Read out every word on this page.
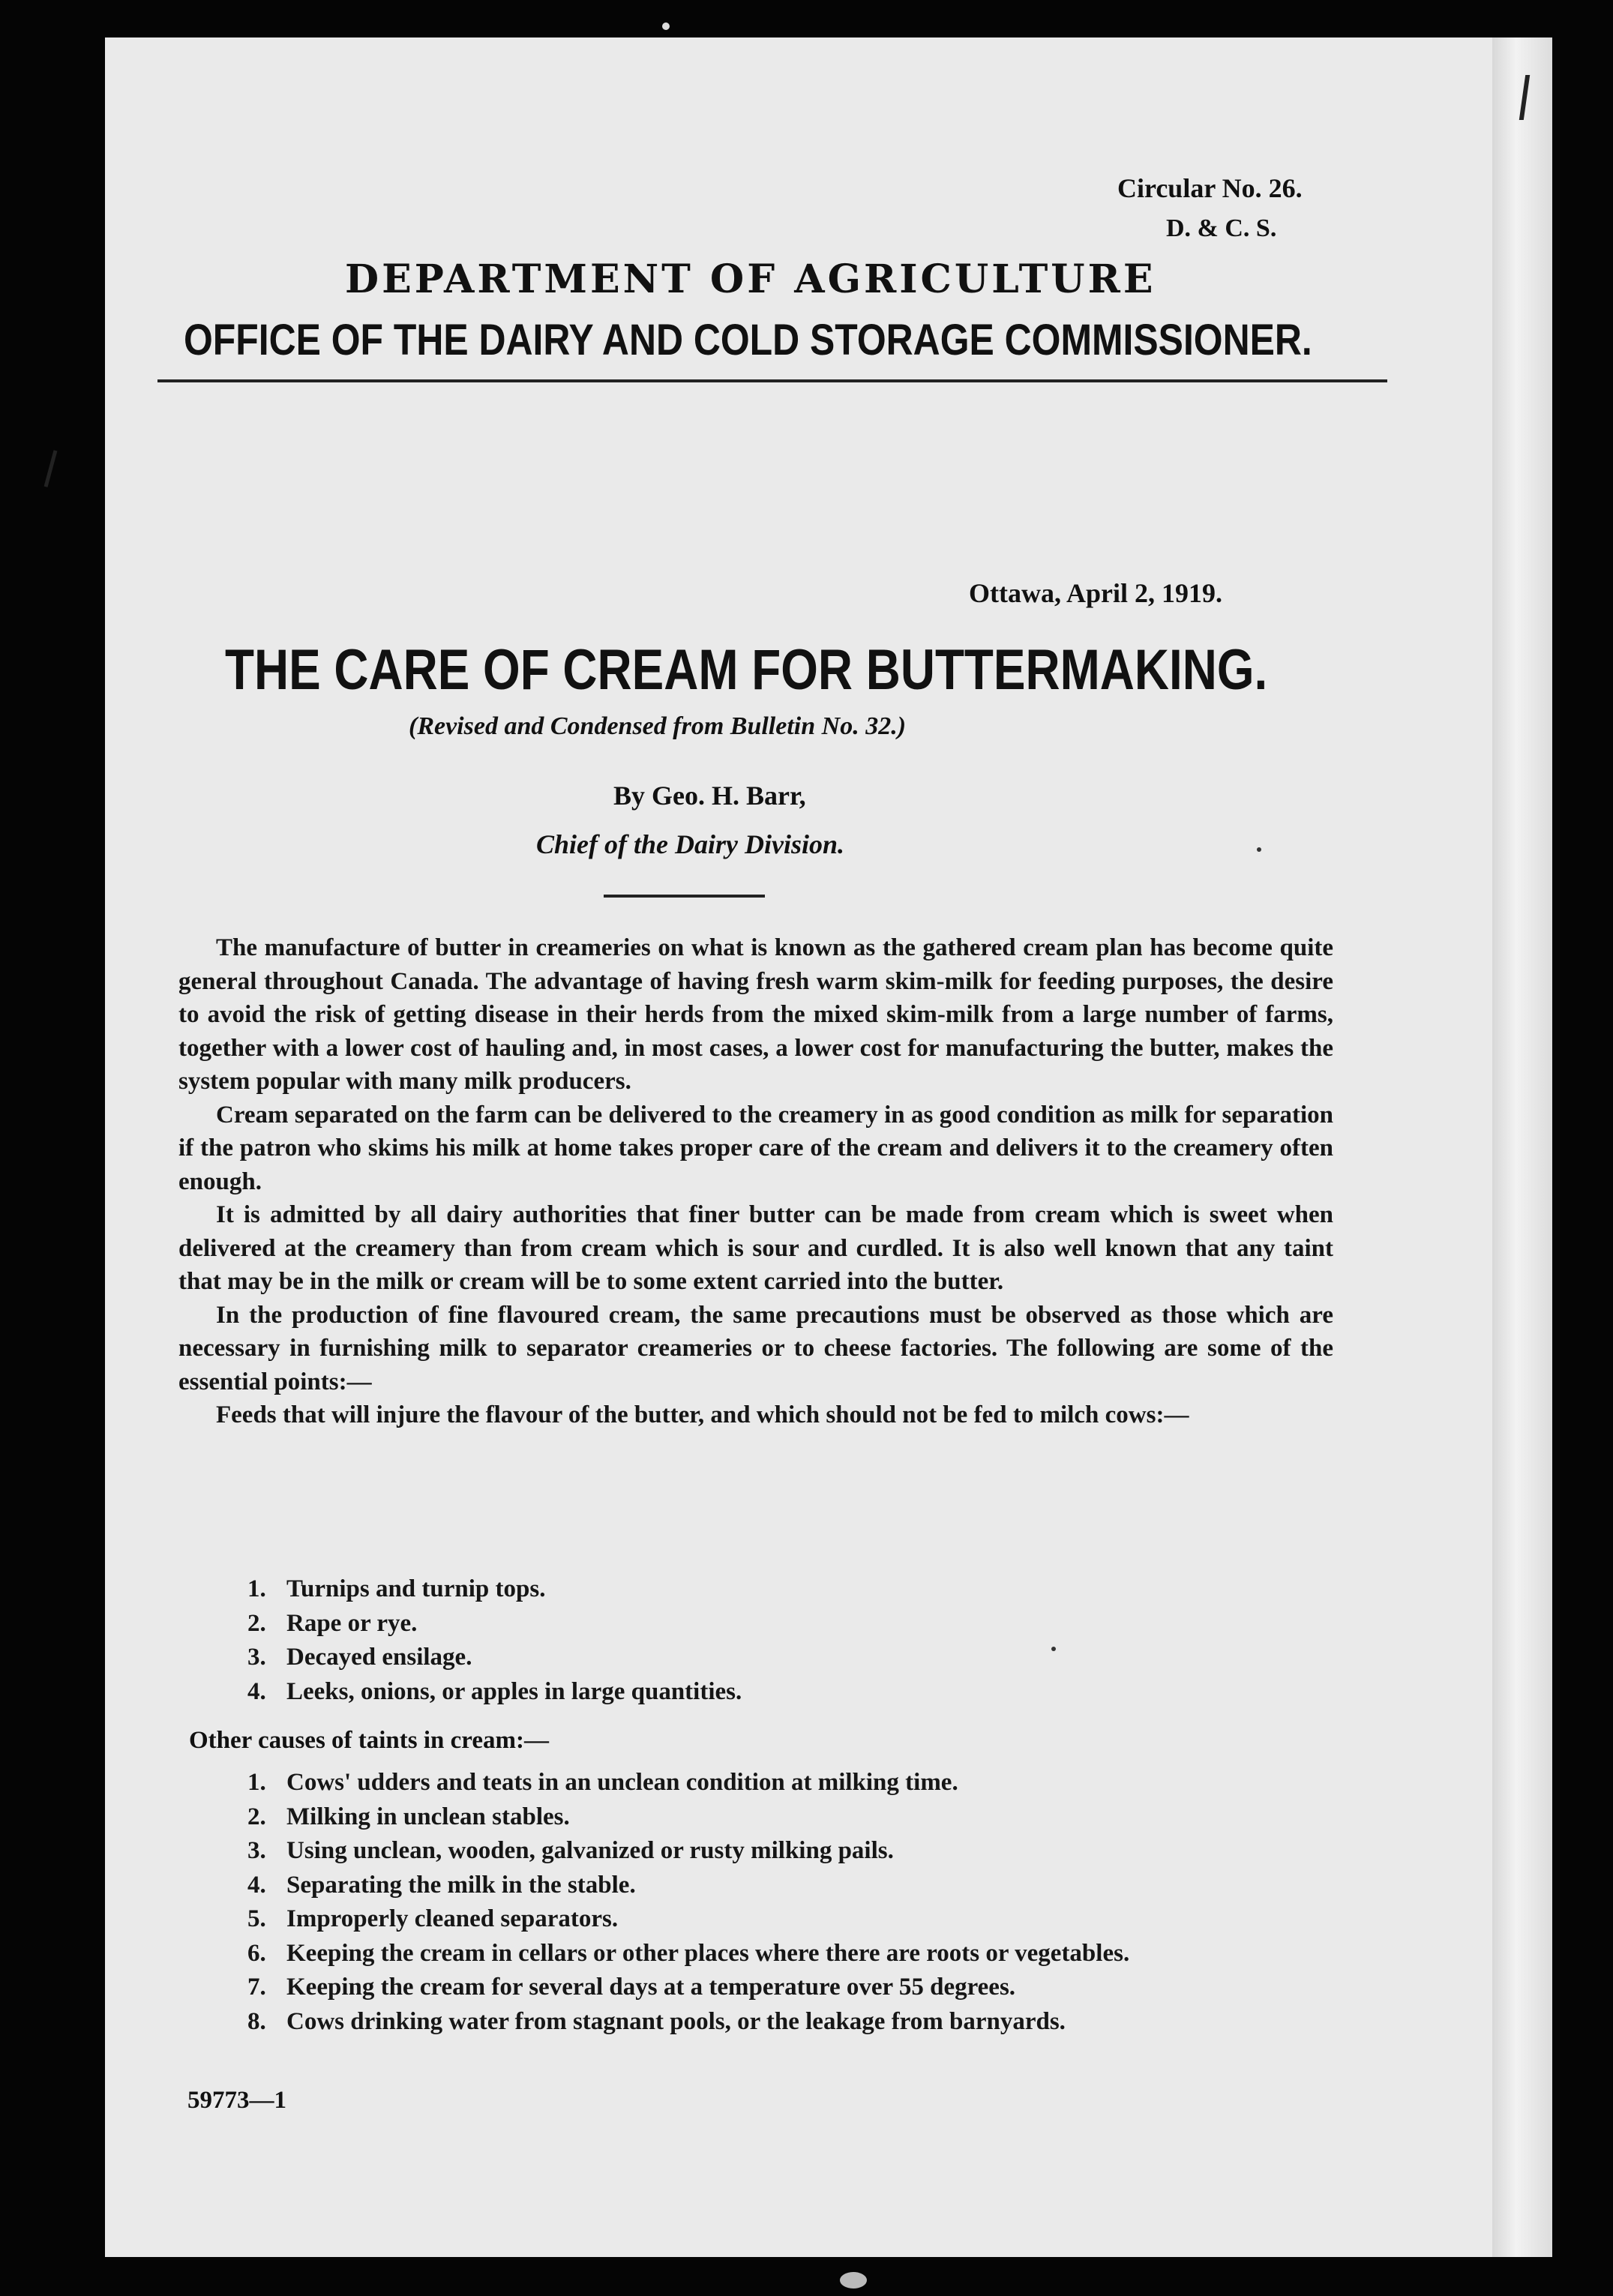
Circular No. 26.
D. & C. S.
DEPARTMENT OF AGRICULTURE
OFFICE OF THE DAIRY AND COLD STORAGE COMMISSIONER.
Ottawa, April 2, 1919.
THE CARE OF CREAM FOR BUTTERMAKING.
(Revised and Condensed from Bulletin No. 32.)
By Geo. H. Barr,
Chief of the Dairy Division.

The manufacture of butter in creameries on what is known as the gathered cream plan has become quite general throughout Canada. The advantage of having fresh warm skim-milk for feeding purposes, the desire to avoid the risk of getting disease in their herds from the mixed skim-milk from a large number of farms, together with a lower cost of hauling and, in most cases, a lower cost for manufacturing the butter, makes the system popular with many milk producers.

Cream separated on the farm can be delivered to the creamery in as good condition as milk for separation if the patron who skims his milk at home takes proper care of the cream and delivers it to the creamery often enough.

It is admitted by all dairy authorities that finer butter can be made from cream which is sweet when delivered at the creamery than from cream which is sour and curdled. It is also well known that any taint that may be in the milk or cream will be to some extent carried into the butter.

In the production of fine flavoured cream, the same precautions must be observed as those which are necessary in furnishing milk to separator creameries or to cheese factories. The following are some of the essential points:—

Feeds that will injure the flavour of the butter, and which should not be fed to milch cows:—

1. Turnips and turnip tops.
2. Rape or rye.
3. Decayed ensilage.
4. Leeks, onions, or apples in large quantities.
Other causes of taints in cream:—
1. Cows' udders and teats in an unclean condition at milking time.
2. Milking in unclean stables.
3. Using unclean, wooden, galvanized or rusty milking pails.
4. Separating the milk in the stable.
5. Improperly cleaned separators.
6. Keeping the cream in cellars or other places where there are roots or vegetables.
7. Keeping the cream for several days at a temperature over 55 degrees.
8. Cows drinking water from stagnant pools, or the leakage from barnyards.
59773—1
